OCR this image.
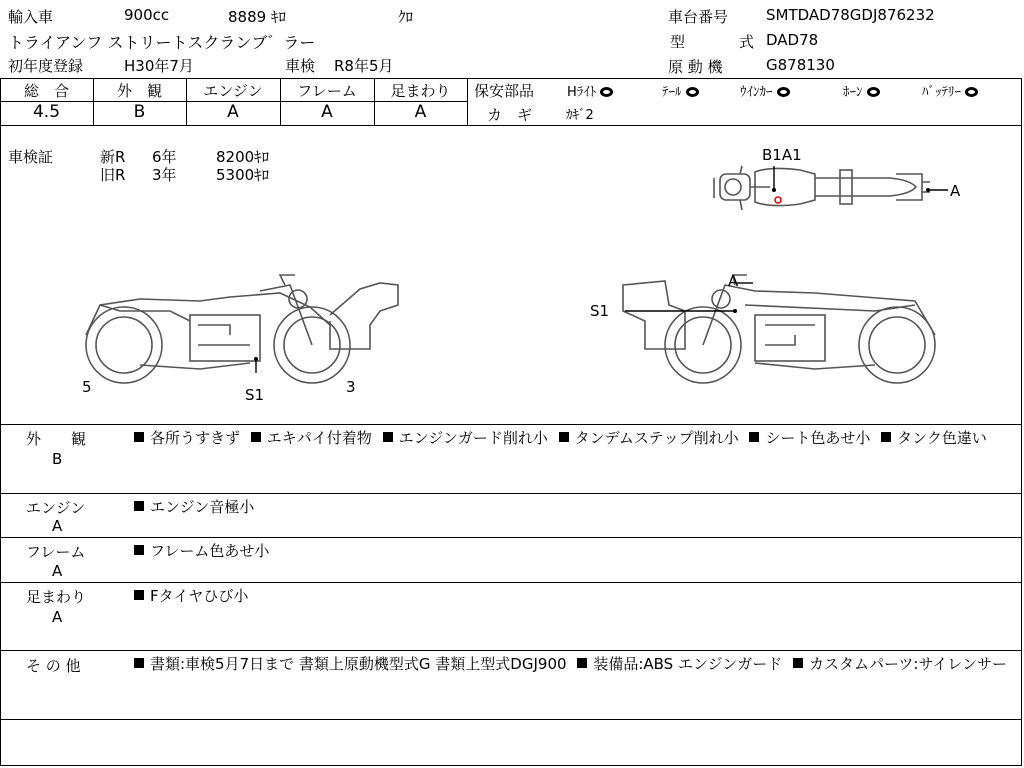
輸入車	900cc	8889 ｷﾛ	ｸﾛ
トライアンフ ストリートスクランブ゛ラー
初年度登録	H30年7月	車検 R8年5月
車台番号	SMTDAD78GDJ876232
型	式 DAD78
原 動 機	G878130
総　合	外　観	エンジン	フレーム	足まわり
4.5	B	A	A	A
保安部品	Hﾗｲﾄ	ﾃｰﾙ	ｳｲﾝｶｰ	ﾎｰﾝ	ﾊﾞｯﾃﾘｰ
カ　ギ	ｶｷﾞ2
車検証	新R 6年	8200ｷﾛ
旧R 3年	5300ｷﾛ
B1A1
A
5	S1	3
A
S1
外　　観
B
各所うすきず エキパイ付着物 エンジンガード削れ小 タンデムステップ削れ小 シート色あせ小 タンク色違い
エンジン
A
エンジン音極小
フレーム
A
フレーム色あせ小
足まわり
A
Fタイヤひび小
そ の 他	書類:車検5月7日まで 書類上原動機型式G 書類上型式DGJ900 装備品:ABS エンジンガード カスタムパーツ:サイレンサー
